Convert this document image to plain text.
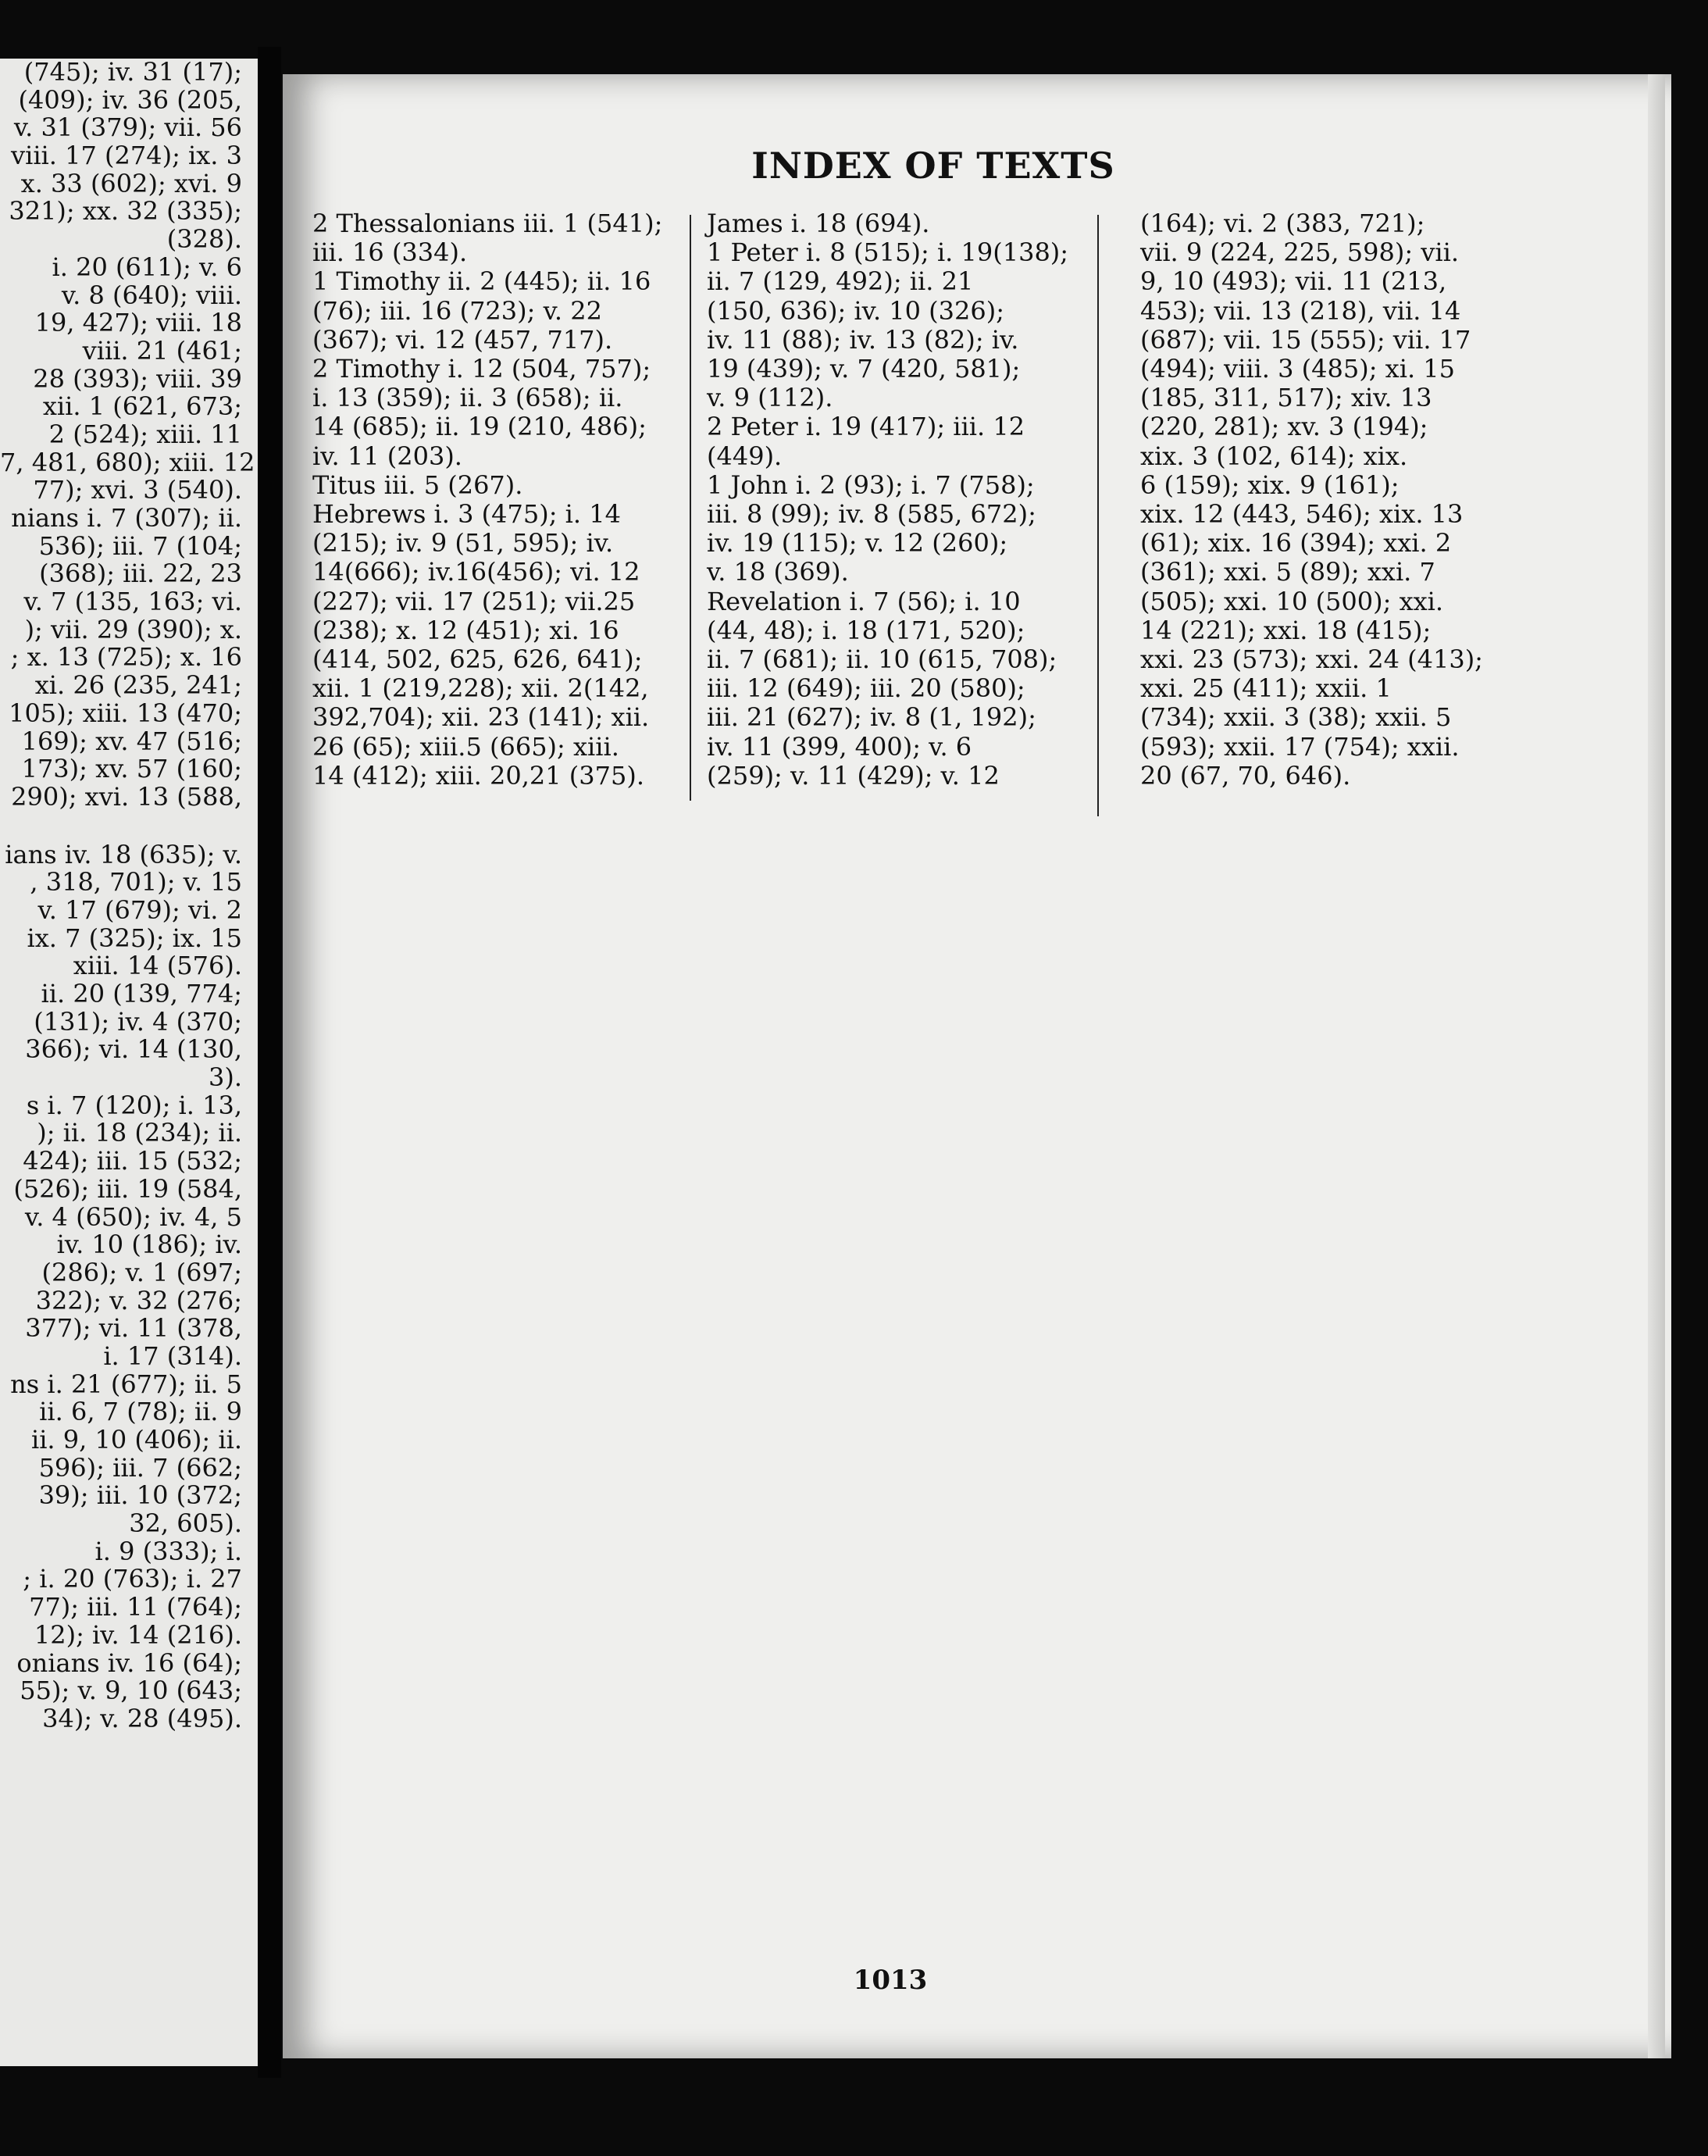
(745); iv. 31 (17);
(409); iv. 36 (205,
v. 31 (379); vii. 56
viii. 17 (274); ix. 3
x. 33 (602); xvi. 9
321); xx. 32 (335);
(328).
i. 20 (611); v. 6
v. 8 (640); viii.
19, 427); viii. 18
viii. 21 (461;
28 (393); viii. 39
xii. 1 (621, 673;
2 (524); xiii. 11
7, 481, 680); xiii. 12
77); xvi. 3 (540).
nians i. 7 (307); ii.
536); iii. 7 (104;
(368); iii. 22, 23
v. 7 (135, 163; vi.
); vii. 29 (390); x.
; x. 13 (725); x. 16
xi. 26 (235, 241;
105); xiii. 13 (470;
169); xv. 47 (516;
173); xv. 57 (160;
290); xvi. 13 (588,
ians iv. 18 (635); v.
, 318, 701); v. 15
v. 17 (679); vi. 2
ix. 7 (325); ix. 15
xiii. 14 (576).
ii. 20 (139, 774;
(131); iv. 4 (370;
366); vi. 14 (130,
3).
s i. 7 (120); i. 13,
); ii. 18 (234); ii.
424); iii. 15 (532;
(526); iii. 19 (584,
v. 4 (650); iv. 4, 5
iv. 10 (186); iv.
(286); v. 1 (697;
322); v. 32 (276;
377); vi. 11 (378,
i. 17 (314).
ns i. 21 (677); ii. 5
ii. 6, 7 (78); ii. 9
ii. 9, 10 (406); ii.
596); iii. 7 (662;
39); iii. 10 (372;
32, 605).
i. 9 (333); i.
; i. 20 (763); i. 27
77); iii. 11 (764);
12); iv. 14 (216).
onians iv. 16 (64);
55); v. 9, 10 (643;
34); v. 28 (495).
INDEX OF TEXTS
2 Thessalonians iii. 1 (541);
iii. 16 (334).
1 Timothy ii. 2 (445); ii. 16
(76); iii. 16 (723); v. 22
(367); vi. 12 (457, 717).
2 Timothy i. 12 (504, 757);
i. 13 (359); ii. 3 (658); ii.
14 (685); ii. 19 (210, 486);
iv. 11 (203).
Titus iii. 5 (267).
Hebrews i. 3 (475); i. 14
(215); iv. 9 (51, 595); iv.
14(666); iv.16(456); vi. 12
(227); vii. 17 (251); vii.25
(238); x. 12 (451); xi. 16
(414, 502, 625, 626, 641);
xii. 1 (219,228); xii. 2(142,
392,704); xii. 23 (141); xii.
26 (65); xiii.5 (665); xiii.
14 (412); xiii. 20,21 (375).
James i. 18 (694).
1 Peter i. 8 (515); i. 19(138);
ii. 7 (129, 492); ii. 21
(150, 636); iv. 10 (326);
iv. 11 (88); iv. 13 (82); iv.
19 (439); v. 7 (420, 581);
v. 9 (112).
2 Peter i. 19 (417); iii. 12
(449).
1 John i. 2 (93); i. 7 (758);
iii. 8 (99); iv. 8 (585, 672);
iv. 19 (115); v. 12 (260);
v. 18 (369).
Revelation i. 7 (56); i. 10
(44, 48); i. 18 (171, 520);
ii. 7 (681); ii. 10 (615, 708);
iii. 12 (649); iii. 20 (580);
iii. 21 (627); iv. 8 (1, 192);
iv. 11 (399, 400); v. 6
(259); v. 11 (429); v. 12
(164); vi. 2 (383, 721);
vii. 9 (224, 225, 598); vii.
9, 10 (493); vii. 11 (213,
453); vii. 13 (218), vii. 14
(687); vii. 15 (555); vii. 17
(494); viii. 3 (485); xi. 15
(185, 311, 517); xiv. 13
(220, 281); xv. 3 (194);
xix. 3 (102, 614); xix.
6 (159); xix. 9 (161);
xix. 12 (443, 546); xix. 13
(61); xix. 16 (394); xxi. 2
(361); xxi. 5 (89); xxi. 7
(505); xxi. 10 (500); xxi.
14 (221); xxi. 18 (415);
xxi. 23 (573); xxi. 24 (413);
xxi. 25 (411); xxii. 1
(734); xxii. 3 (38); xxii. 5
(593); xxii. 17 (754); xxii.
20 (67, 70, 646).
1013
